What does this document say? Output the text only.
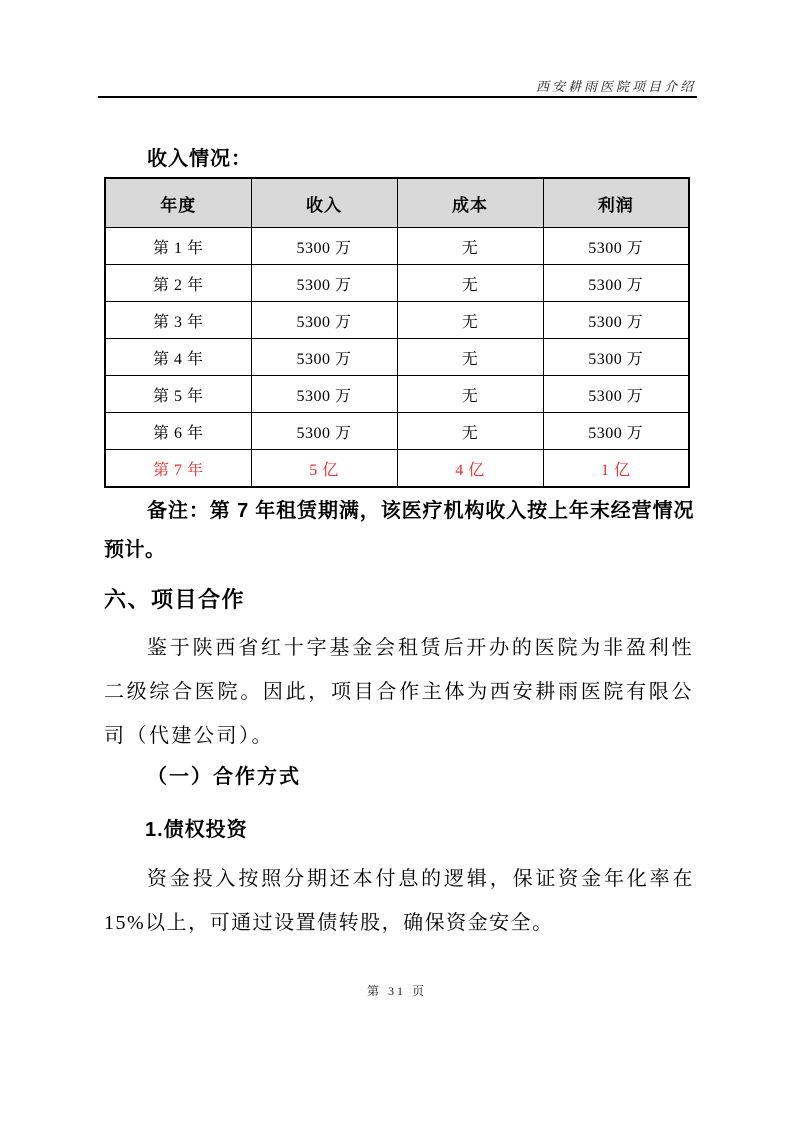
西安耕雨医院项目介绍
收入情况：
年度	收入	成本	利润
第 1 年	5300 万	无	5300 万
第 2 年	5300 万	无	5300 万
第 3 年	5300 万	无	5300 万
第 4 年	5300 万	无	5300 万
第 5 年	5300 万	无	5300 万
第 6 年	5300 万	无	5300 万
第 7 年	5 亿	4 亿	1 亿
备注：第 7 年租赁期满，该医疗机构收入按上年末经营情况预计。
六、项目合作
鉴于陕西省红十字基金会租赁后开办的医院为非盈利性二级综合医院。因此，项目合作主体为西安耕雨医院有限公司（代建公司）。
（一）合作方式
1.债权投资
资金投入按照分期还本付息的逻辑，保证资金年化率在 15%以上，可通过设置债转股，确保资金安全。
第 31 页
